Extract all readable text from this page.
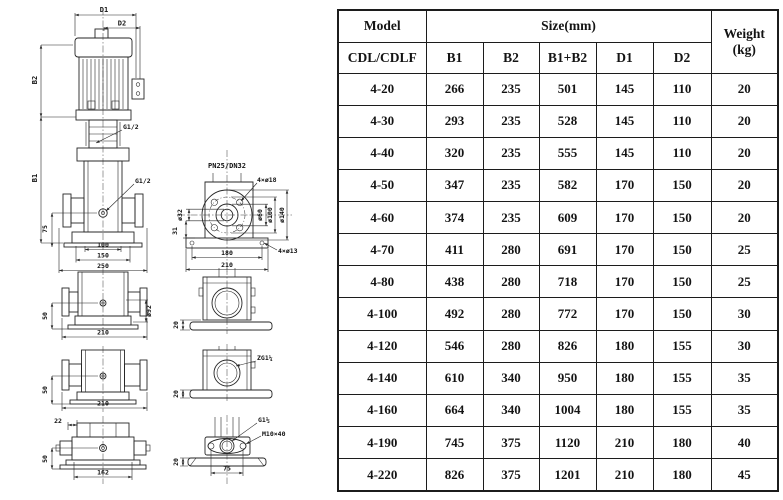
D1
D2
B2
B1
75
100
150
250
G1/2
G1/2
PN25/DN32
4×ø18
ø32
31
ø60 ø100 ø140
180
210
4×ø13
50
210
ø92
20
50
210
ZG1¼
20
22
50
162
G1½
M10×40
20
75
Model	Size(mm)					Weight
(kg)

CDL/CDLF	B1	B2	B1+B2	D1	D2	
4-20	266	235	501	145	110	20
4-30	293	235	528	145	110	20
4-40	320	235	555	145	110	20
4-50	347	235	582	170	150	20
4-60	374	235	609	170	150	20
4-70	411	280	691	170	150	25
4-80	438	280	718	170	150	25
4-100	492	280	772	170	150	30
4-120	546	280	826	180	155	30
4-140	610	340	950	180	155	35
4-160	664	340	1004	180	155	35
4-190	745	375	1120	210	180	40
4-220	826	375	1201	210	180	45
